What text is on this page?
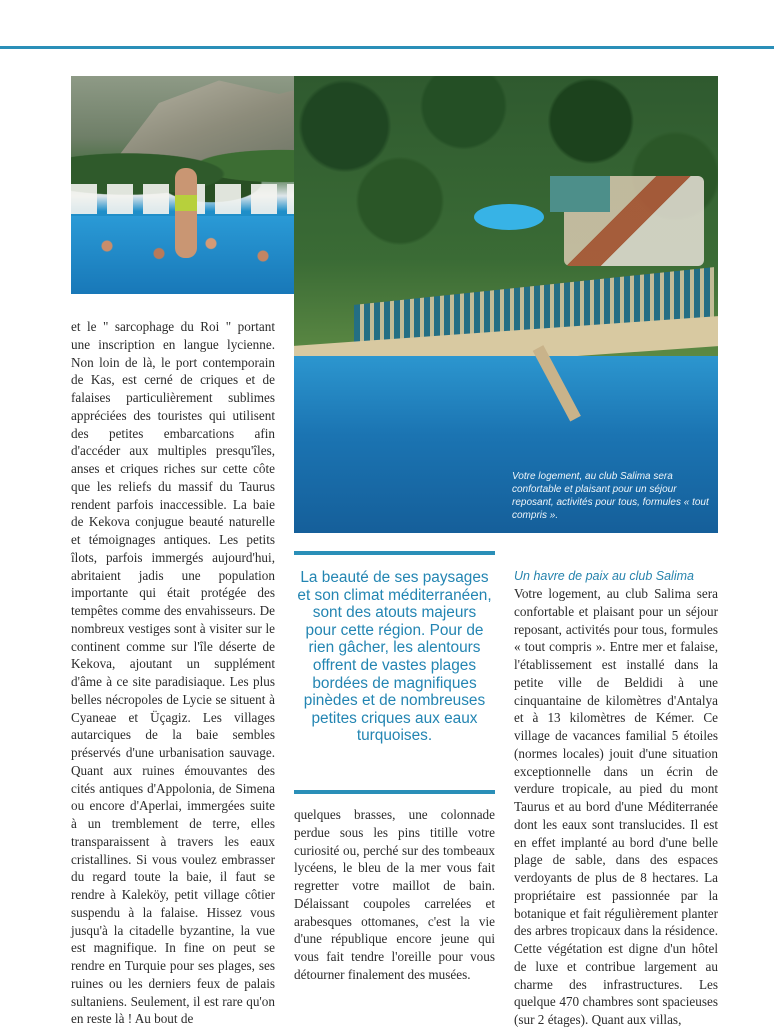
Votre logement, au club Salima sera confortable et plaisant pour un séjour reposant, activités pour tous, formules « tout compris ».

et le " sarcophage du Roi " portant une inscription en langue lycienne. Non loin de là, le port contemporain de Kas, est cerné de criques et de falaises particulièrement sublimes appréciées des touristes qui utilisent des petites embarcations afin d'accéder aux multiples presqu'îles, anses et criques riches sur cette côte que les reliefs du massif du Taurus rendent parfois inaccessible. La baie de Kekova conjugue beauté naturelle et témoignages antiques. Les petits îlots, parfois immergés aujourd'hui, abritaient jadis une population importante qui était protégée des tempêtes comme des envahisseurs. De nombreux vestiges sont à visiter sur le continent comme sur l'île déserte de Kekova, ajoutant un supplément d'âme à ce site paradisiaque. Les plus belles nécropoles de Lycie se situent à Cyaneae et Üçagiz. Les villages autarciques de la baie sembles préservés d'une urbanisation sauvage. Quant aux ruines émouvantes des cités antiques d'Appolonia, de Simena ou encore d'Aperlai, immergées suite à un tremblement de terre, elles transparaissent à travers les eaux cristallines. Si vous voulez embrasser du regard toute la baie, il faut se rendre à Kaleköy, petit village côtier suspendu à la falaise. Hissez vous jusqu'à la citadelle byzantine, la vue est magnifique. In fine on peut se rendre en Turquie pour ses plages, ses ruines ou les derniers feux de palais sultaniens. Seulement, il est rare qu'on en reste là ! Au bout de

La beauté de ses paysages et son climat méditerranéen, sont des atouts majeurs pour cette région. Pour de rien gâcher, les alentours offrent de vastes plages bordées de magnifiques pinèdes et de nombreuses petites criques aux eaux turquoises.

quelques brasses, une colonnade perdue sous les pins titille votre curiosité ou, perché sur des tombeaux lycéens, le bleu de la mer vous fait regretter votre maillot de bain. Délaissant coupoles carrelées et arabesques ottomanes, c'est la vie d'une république encore jeune qui vous fait tendre l'oreille pour vous détourner finalement des musées.

Un havre de paix au club Salima

Votre logement, au club Salima sera confortable et plaisant pour un séjour reposant, activités pour tous, formules « tout compris ». Entre mer et falaise, l'établissement est installé dans la petite ville de Beldidi à une cinquantaine de kilomètres d'Antalya et à 13 kilomètres de Kémer. Ce village de vacances familial 5 étoiles (normes locales) jouit d'une situation exceptionnelle dans un écrin de verdure tropicale, au pied du mont Taurus et au bord d'une Méditerranée dont les eaux sont translucides. Il est en effet implanté au bord d'une belle plage de sable, dans des espaces verdoyants de plus de 8 hectares. La propriétaire est passionnée par la botanique et fait régulièrement planter des arbres tropicaux dans la résidence. Cette végétation est digne d'un hôtel de luxe et contribue largement au charme des infrastructures. Les quelque 470 chambres sont spacieuses (sur 2 étages). Quant aux villas,
